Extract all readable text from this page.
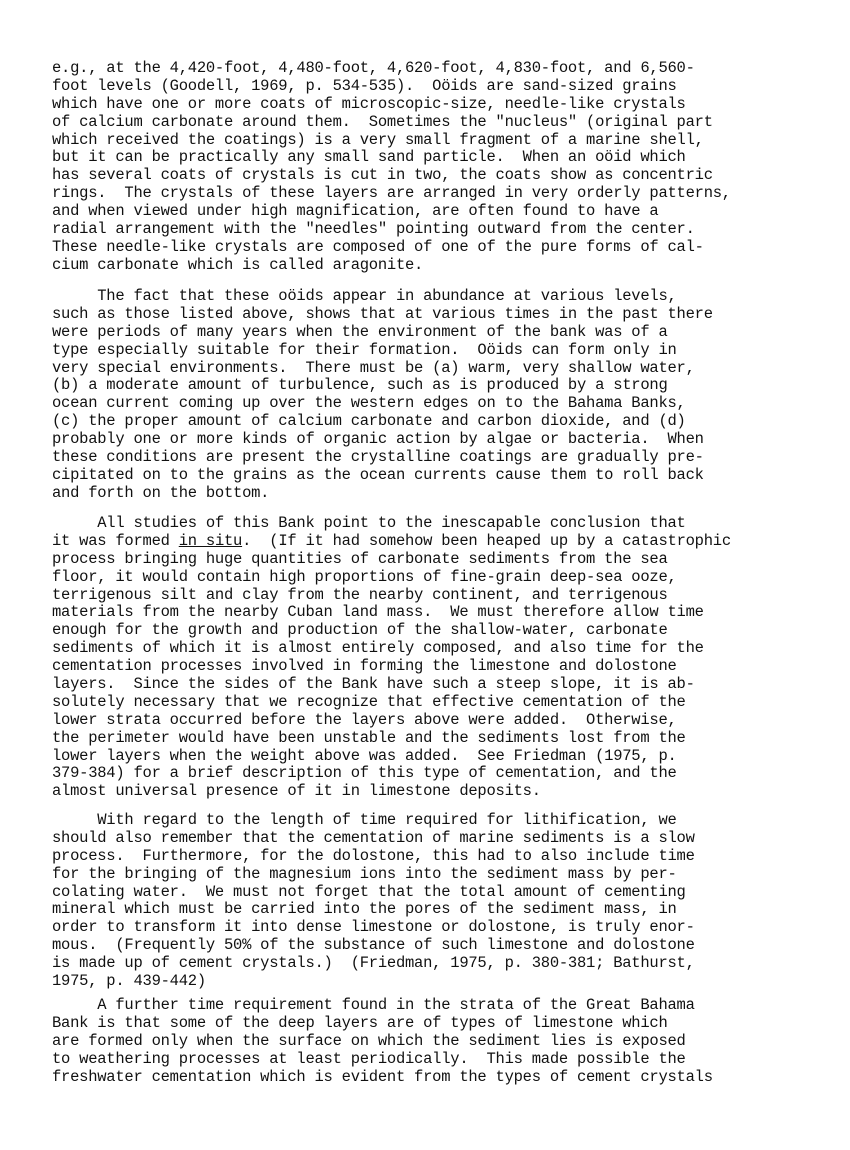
e.g., at the 4,420-foot, 4,480-foot, 4,620-foot, 4,830-foot, and 6,560-
foot levels (Goodell, 1969, p. 534-535).  Oöids are sand-sized grains
which have one or more coats of microscopic-size, needle-like crystals
of calcium carbonate around them.  Sometimes the "nucleus" (original part
which received the coatings) is a very small fragment of a marine shell,
but it can be practically any small sand particle.  When an oöid which
has several coats of crystals is cut in two, the coats show as concentric
rings.  The crystals of these layers are arranged in very orderly patterns,
and when viewed under high magnification, are often found to have a
radial arrangement with the "needles" pointing outward from the center.
These needle-like crystals are composed of one of the pure forms of cal-
cium carbonate which is called aragonite.
The fact that these oöids appear in abundance at various levels,
such as those listed above, shows that at various times in the past there
were periods of many years when the environment of the bank was of a
type especially suitable for their formation.  Oöids can form only in
very special environments.  There must be (a) warm, very shallow water,
(b) a moderate amount of turbulence, such as is produced by a strong
ocean current coming up over the western edges on to the Bahama Banks,
(c) the proper amount of calcium carbonate and carbon dioxide, and (d)
probably one or more kinds of organic action by algae or bacteria.  When
these conditions are present the crystalline coatings are gradually pre-
cipitated on to the grains as the ocean currents cause them to roll back
and forth on the bottom.
All studies of this Bank point to the inescapable conclusion that
it was formed in situ.  (If it had somehow been heaped up by a catastrophic
process bringing huge quantities of carbonate sediments from the sea
floor, it would contain high proportions of fine-grain deep-sea ooze,
terrigenous silt and clay from the nearby continent, and terrigenous
materials from the nearby Cuban land mass.  We must therefore allow time
enough for the growth and production of the shallow-water, carbonate
sediments of which it is almost entirely composed, and also time for the
cementation processes involved in forming the limestone and dolostone
layers.  Since the sides of the Bank have such a steep slope, it is ab-
solutely necessary that we recognize that effective cementation of the
lower strata occurred before the layers above were added.  Otherwise,
the perimeter would have been unstable and the sediments lost from the
lower layers when the weight above was added.  See Friedman (1975, p.
379-384) for a brief description of this type of cementation, and the
almost universal presence of it in limestone deposits.
With regard to the length of time required for lithification, we
should also remember that the cementation of marine sediments is a slow
process.  Furthermore, for the dolostone, this had to also include time
for the bringing of the magnesium ions into the sediment mass by per-
colating water.  We must not forget that the total amount of cementing
mineral which must be carried into the pores of the sediment mass, in
order to transform it into dense limestone or dolostone, is truly enor-
mous.  (Frequently 50% of the substance of such limestone and dolostone
is made up of cement crystals.)  (Friedman, 1975, p. 380-381; Bathurst,
1975, p. 439-442)
A further time requirement found in the strata of the Great Bahama
Bank is that some of the deep layers are of types of limestone which
are formed only when the surface on which the sediment lies is exposed
to weathering processes at least periodically.  This made possible the
freshwater cementation which is evident from the types of cement crystals
